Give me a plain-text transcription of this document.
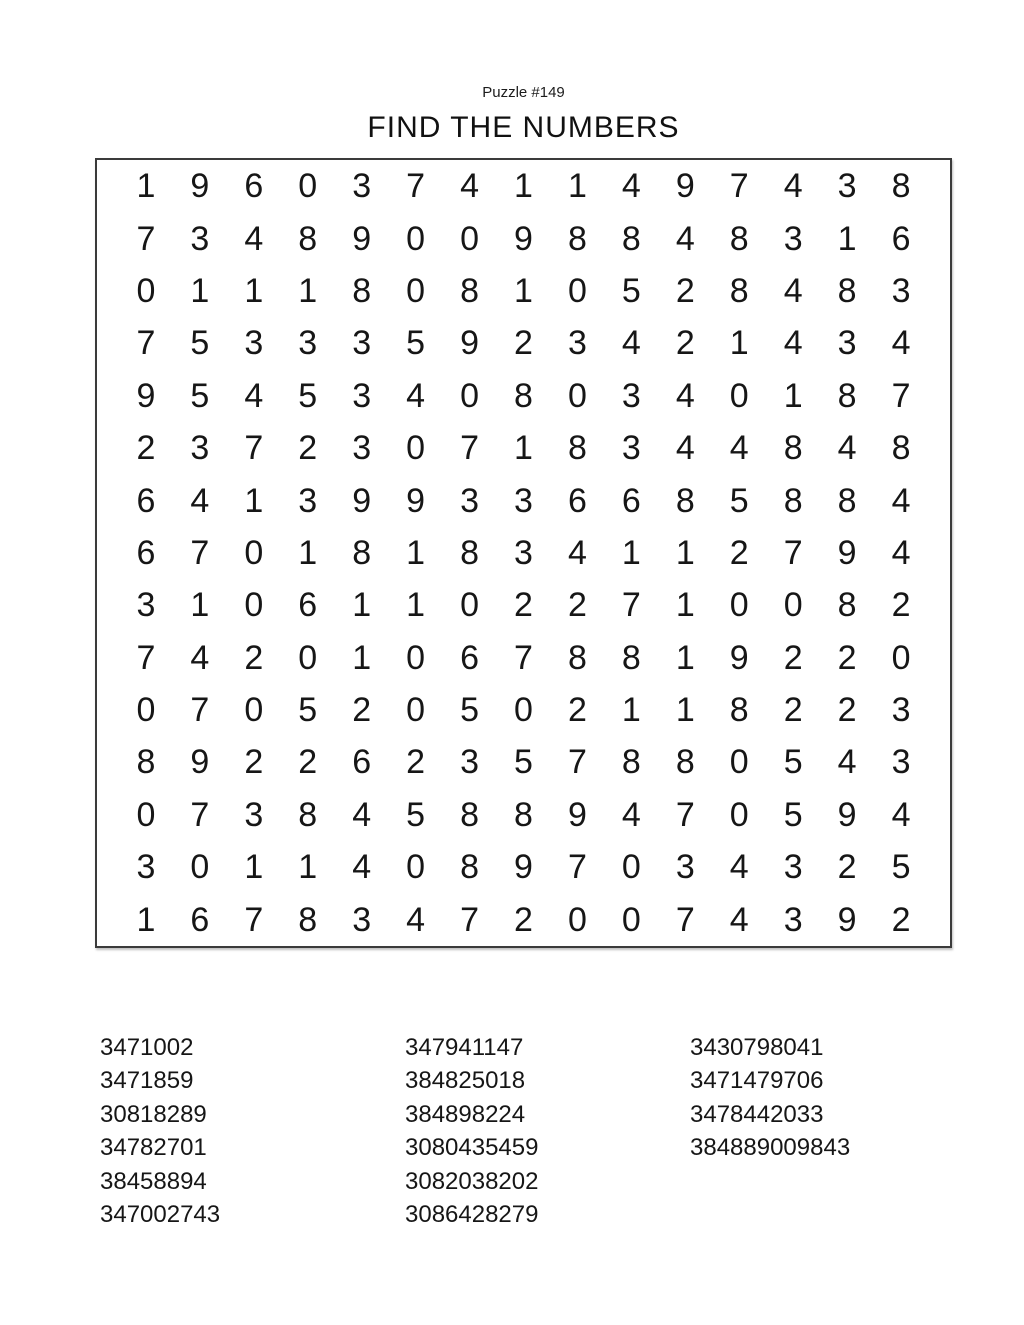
Puzzle #149
FIND THE NUMBERS
1	9	6	0	3	7	4	1	1	4	9	7	4	3	8
7	3	4	8	9	0	0	9	8	8	4	8	3	1	6
0	1	1	1	8	0	8	1	0	5	2	8	4	8	3
7	5	3	3	3	5	9	2	3	4	2	1	4	3	4
9	5	4	5	3	4	0	8	0	3	4	0	1	8	7
2	3	7	2	3	0	7	1	8	3	4	4	8	4	8
6	4	1	3	9	9	3	3	6	6	8	5	8	8	4
6	7	0	1	8	1	8	3	4	1	1	2	7	9	4
3	1	0	6	1	1	0	2	2	7	1	0	0	8	2
7	4	2	0	1	0	6	7	8	8	1	9	2	2	0
0	7	0	5	2	0	5	0	2	1	1	8	2	2	3
8	9	2	2	6	2	3	5	7	8	8	0	5	4	3
0	7	3	8	4	5	8	8	9	4	7	0	5	9	4
3	0	1	1	4	0	8	9	7	0	3	4	3	2	5
1	6	7	8	3	4	7	2	0	0	7	4	3	9	2
3471002
3471859
30818289
34782701
38458894
347002743
347941147
384825018
384898224
3080435459
3082038202
3086428279
3430798041
3471479706
3478442033
384889009843
